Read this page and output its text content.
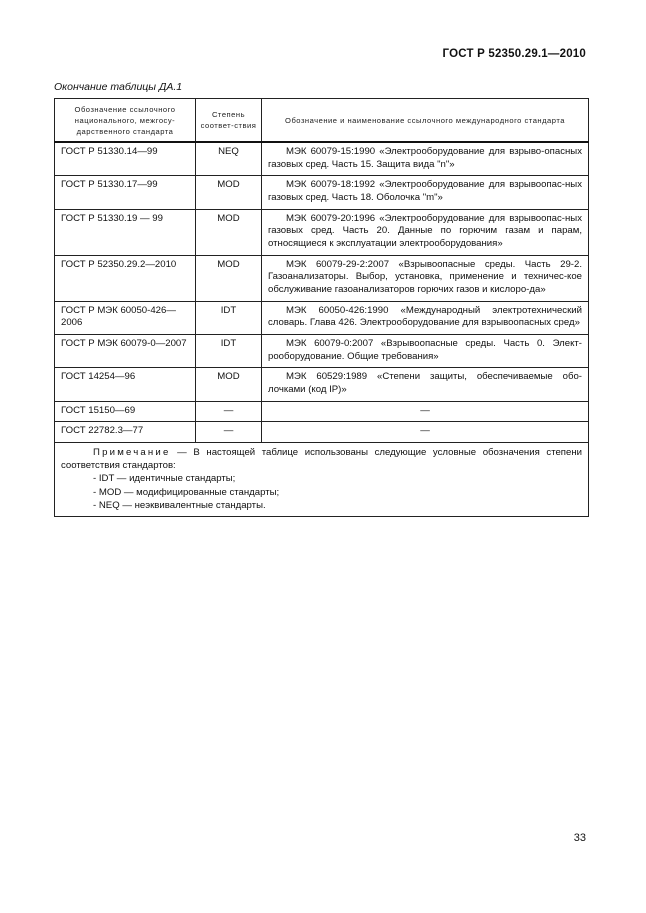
ГОСТ Р 52350.29.1—2010
Окончание таблицы ДА.1
Обозначение ссылочного национального, межгосу-дарственного стандарта	Степень соответ-ствия	Обозначение и наименование ссылочного международного стандарта
ГОСТ Р 51330.14—99	NEQ	МЭК 60079-15:1990 «Электрооборудование для взрыво-опасных газовых сред. Часть 15. Защита вида "n"»
ГОСТ Р 51330.17—99	MOD	МЭК 60079-18:1992 «Электрооборудование для взрывоопас-ных газовых сред. Часть 18. Оболочка "m"»
ГОСТ Р 51330.19 — 99	MOD	МЭК 60079-20:1996 «Электрооборудование для взрывоопас-ных газовых сред. Часть 20. Данные по горючим газам и парам, относящиеся к эксплуатации электрооборудования»
ГОСТ Р 52350.29.2—2010	MOD	МЭК 60079-29-2:2007 «Взрывоопасные среды. Часть 29-2. Газоанализаторы. Выбор, установка, применение и техничес-кое обслуживание газоанализаторов горючих газов и кислоро-да»
ГОСТ Р МЭК 60050-426—2006	IDT	МЭК 60050-426:1990 «Международный электротехнический словарь. Глава 426. Электрооборудование для взрывоопасных сред»
ГОСТ Р МЭК 60079-0—2007	IDT	МЭК 60079-0:2007 «Взрывоопасные среды. Часть 0. Элект-рооборудование. Общие требования»
ГОСТ 14254—96	MOD	МЭК 60529:1989 «Степени защиты, обеспечиваемые обо-лочками (код IP)»
ГОСТ 15150—69	—	—
ГОСТ 22782.3—77	—	—

Примечание — В настоящей таблице использованы следующие условные обозначения степени соответствия стандартов:
- IDT — идентичные стандарты;
- MOD — модифицированные стандарты;
- NEQ — неэквивалентные стандарты.		
33
